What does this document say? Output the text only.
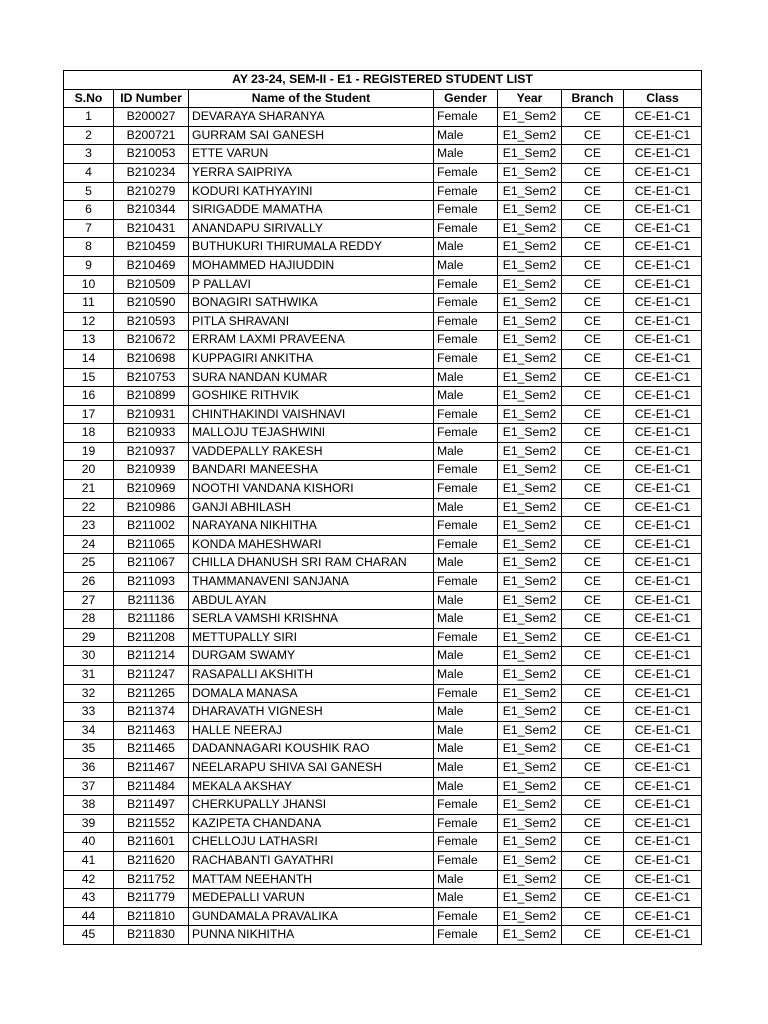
AY 23-24, SEM-II - E1 - REGISTERED STUDENT LIST						
S.No	ID Number	Name of the Student	Gender	Year	Branch	Class
1	B200027	DEVARAYA SHARANYA	Female	E1_Sem2	CE	CE-E1-C1
2	B200721	GURRAM SAI GANESH	Male	E1_Sem2	CE	CE-E1-C1
3	B210053	ETTE VARUN	Male	E1_Sem2	CE	CE-E1-C1
4	B210234	YERRA SAIPRIYA	Female	E1_Sem2	CE	CE-E1-C1
5	B210279	KODURI KATHYAYINI	Female	E1_Sem2	CE	CE-E1-C1
6	B210344	SIRIGADDE MAMATHA	Female	E1_Sem2	CE	CE-E1-C1
7	B210431	ANANDAPU SIRIVALLY	Female	E1_Sem2	CE	CE-E1-C1
8	B210459	BUTHUKURI THIRUMALA REDDY	Male	E1_Sem2	CE	CE-E1-C1
9	B210469	MOHAMMED HAJIUDDIN	Male	E1_Sem2	CE	CE-E1-C1
10	B210509	P PALLAVI	Female	E1_Sem2	CE	CE-E1-C1
11	B210590	BONAGIRI SATHWIKA	Female	E1_Sem2	CE	CE-E1-C1
12	B210593	PITLA SHRAVANI	Female	E1_Sem2	CE	CE-E1-C1
13	B210672	ERRAM LAXMI PRAVEENA	Female	E1_Sem2	CE	CE-E1-C1
14	B210698	KUPPAGIRI ANKITHA	Female	E1_Sem2	CE	CE-E1-C1
15	B210753	SURA NANDAN KUMAR	Male	E1_Sem2	CE	CE-E1-C1
16	B210899	GOSHIKE RITHVIK	Male	E1_Sem2	CE	CE-E1-C1
17	B210931	CHINTHAKINDI VAISHNAVI	Female	E1_Sem2	CE	CE-E1-C1
18	B210933	MALLOJU TEJASHWINI	Female	E1_Sem2	CE	CE-E1-C1
19	B210937	VADDEPALLY RAKESH	Male	E1_Sem2	CE	CE-E1-C1
20	B210939	BANDARI MANEESHA	Female	E1_Sem2	CE	CE-E1-C1
21	B210969	NOOTHI VANDANA KISHORI	Female	E1_Sem2	CE	CE-E1-C1
22	B210986	GANJI ABHILASH	Male	E1_Sem2	CE	CE-E1-C1
23	B211002	NARAYANA NIKHITHA	Female	E1_Sem2	CE	CE-E1-C1
24	B211065	KONDA MAHESHWARI	Female	E1_Sem2	CE	CE-E1-C1
25	B211067	CHILLA DHANUSH SRI RAM CHARAN	Male	E1_Sem2	CE	CE-E1-C1
26	B211093	THAMMANAVENI SANJANA	Female	E1_Sem2	CE	CE-E1-C1
27	B211136	ABDUL AYAN	Male	E1_Sem2	CE	CE-E1-C1
28	B211186	SERLA VAMSHI KRISHNA	Male	E1_Sem2	CE	CE-E1-C1
29	B211208	METTUPALLY SIRI	Female	E1_Sem2	CE	CE-E1-C1
30	B211214	DURGAM SWAMY	Male	E1_Sem2	CE	CE-E1-C1
31	B211247	RASAPALLI AKSHITH	Male	E1_Sem2	CE	CE-E1-C1
32	B211265	DOMALA MANASA	Female	E1_Sem2	CE	CE-E1-C1
33	B211374	DHARAVATH VIGNESH	Male	E1_Sem2	CE	CE-E1-C1
34	B211463	HALLE NEERAJ	Male	E1_Sem2	CE	CE-E1-C1
35	B211465	DADANNAGARI KOUSHIK RAO	Male	E1_Sem2	CE	CE-E1-C1
36	B211467	NEELARAPU SHIVA SAI GANESH	Male	E1_Sem2	CE	CE-E1-C1
37	B211484	MEKALA AKSHAY	Male	E1_Sem2	CE	CE-E1-C1
38	B211497	CHERKUPALLY JHANSI	Female	E1_Sem2	CE	CE-E1-C1
39	B211552	KAZIPETA CHANDANA	Female	E1_Sem2	CE	CE-E1-C1
40	B211601	CHELLOJU LATHASRI	Female	E1_Sem2	CE	CE-E1-C1
41	B211620	RACHABANTI GAYATHRI	Female	E1_Sem2	CE	CE-E1-C1
42	B211752	MATTAM NEEHANTH	Male	E1_Sem2	CE	CE-E1-C1
43	B211779	MEDEPALLI VARUN	Male	E1_Sem2	CE	CE-E1-C1
44	B211810	GUNDAMALA PRAVALIKA	Female	E1_Sem2	CE	CE-E1-C1
45	B211830	PUNNA NIKHITHA	Female	E1_Sem2	CE	CE-E1-C1
